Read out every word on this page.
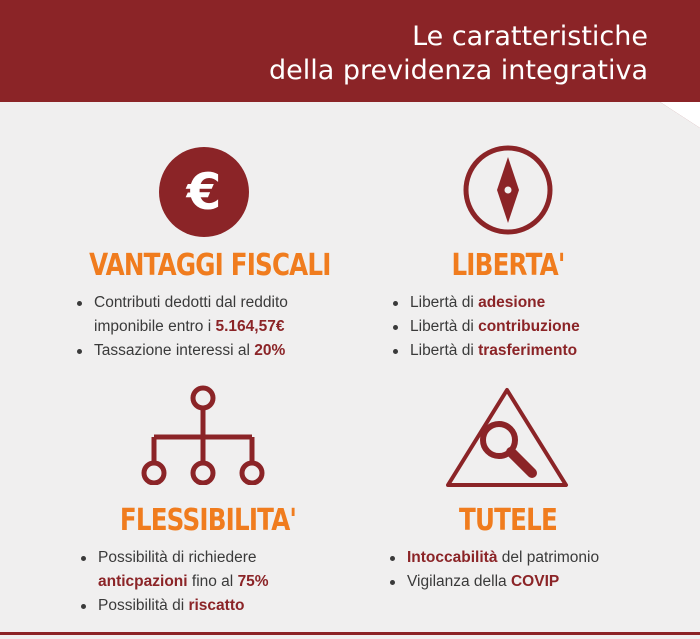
Le caratteristiche
della previdenza integrativa
€
VANTAGGI FISCALI
Contributi dedotti dal reddito
imponibile entro i 5.164,57€
Tassazione interessi al 20%
LIBERTA'
Libertà di adesione
Libertà di contribuzione
Libertà di trasferimento
FLESSIBILITA'
Possibilità di richiedere
anticpazioni fino al 75%
Possibilità di riscatto
TUTELE
Intoccabilità del patrimonio
Vigilanza della COVIP
